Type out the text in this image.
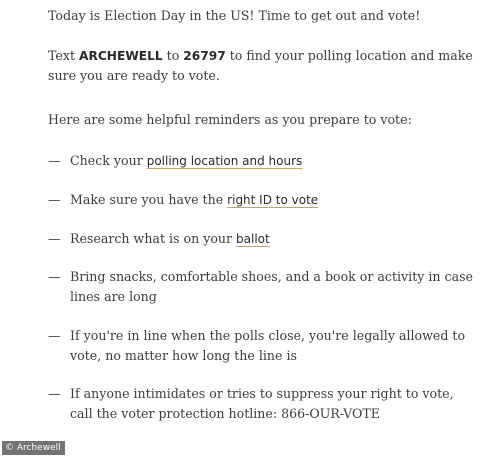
Today is Election Day in the US! Time to get out and vote!

Text ARCHEWELL to 26797 to find your polling location and make sure you are ready to vote.

Here are some helpful reminders as you prepare to vote:

— Check your polling location and hours
— Make sure you have the right ID to vote
— Research what is on your ballot
— Bring snacks, comfortable shoes, and a book or activity in case lines are long
— If you're in line when the polls close, you're legally allowed to vote, no matter how long the line is
— If anyone intimidates or tries to suppress your right to vote, call the voter protection hotline: 866-OUR-VOTE
© Archewell
